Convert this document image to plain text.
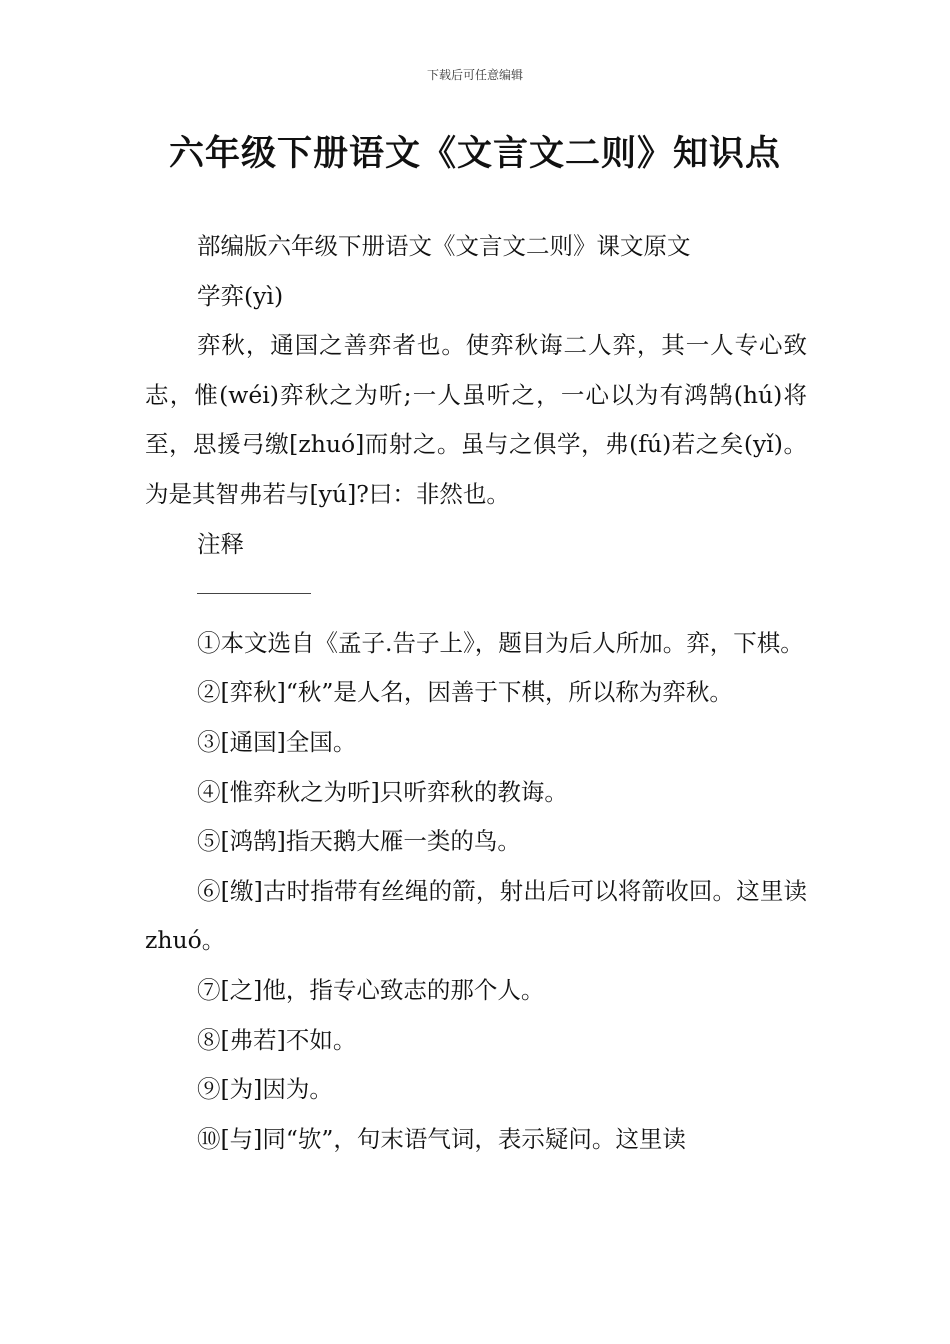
下载后可任意编辑
六年级下册语文《文言文二则》知识点

部编版六年级下册语文《文言文二则》课文原文

学弈(yì)

弈秋，通国之善弈者也。使弈秋诲二人弈，其一人专心致志，惟(wéi)弈秋之为听;一人虽听之，一心以为有鸿鹄(hú)将至，思援弓缴[zhuó]而射之。虽与之俱学，弗(fú)若之矣(yǐ)。为是其智弗若与[yú]?曰：非然也。

注释

①本文选自《孟子.告子上》，题目为后人所加。弈，下棋。

②[弈秋]“秋”是人名，因善于下棋，所以称为弈秋。

③[通国]全国。

④[惟弈秋之为听]只听弈秋的教诲。

⑤[鸿鹄]指天鹅大雁一类的鸟。

⑥[缴]古时指带有丝绳的箭，射出后可以将箭收回。这里读zhuó。

⑦[之]他，指专心致志的那个人。

⑧[弗若]不如。

⑨[为]因为。

⑩[与]同“欤”，句末语气词，表示疑问。这里读
